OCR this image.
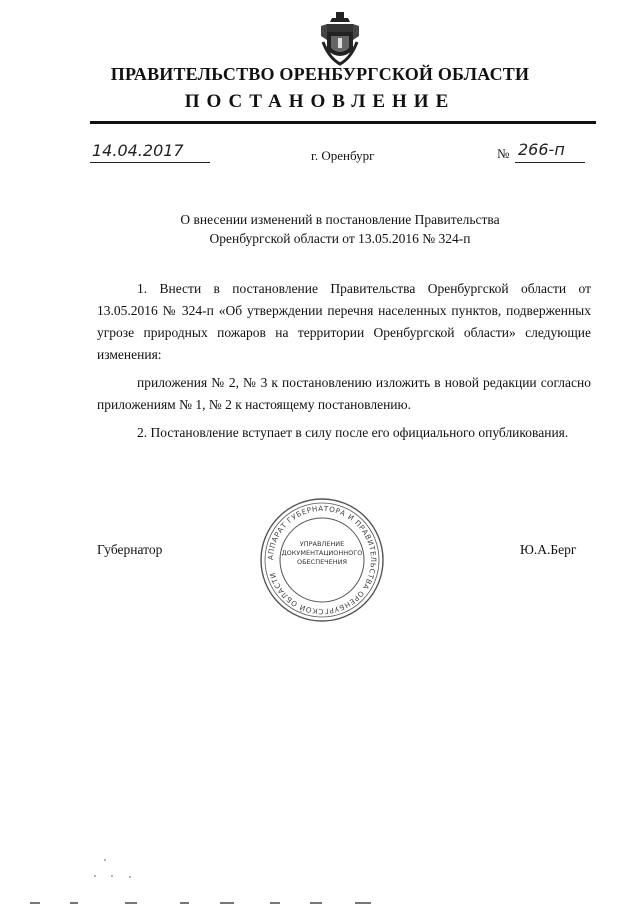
ПРАВИТЕЛЬСТВО ОРЕНБУРГСКОЙ ОБЛАСТИ
ПОСТАНОВЛЕНИЕ
14.04.2017	г. Оренбург	№ 266-п
О внесении изменений в постановление Правительства
Оренбургской области от 13.05.2016 № 324-п

1. Внести в постановление Правительства Оренбургской области от 13.05.2016 № 324-п «Об утверждении перечня населенных пунктов, подверженных угрозе природных пожаров на территории Оренбургской области» следующие изменения:

приложения № 2, № 3 к постановлению изложить в новой редакции согласно приложениям № 1, № 2 к настоящему постановлению.

2. Постановление вступает в силу после его официального опубликования.

Губернатор	Ю.А.Берг
АППАРАТ ГУБЕРНАТОРА И ПРАВИТЕЛЬСТВА ОРЕНБУРГСКОЙ ОБЛАСТИ
УПРАВЛЕНИЕ
ДОКУМЕНТАЦИОННОГО
ОБЕСПЕЧЕНИЯ
